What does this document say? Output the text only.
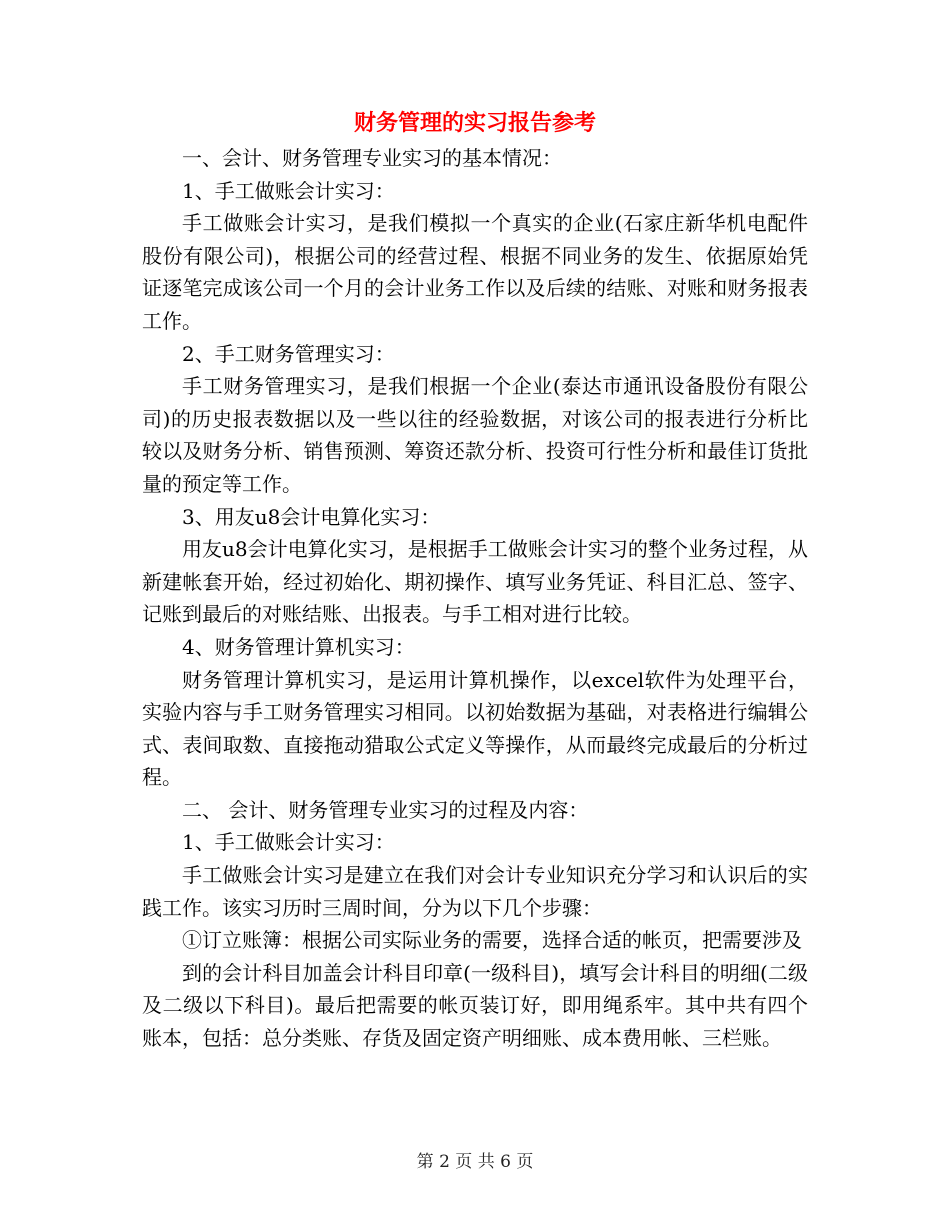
财务管理的实习报告参考

一、会计、财务管理专业实习的基本情况：

1、手工做账会计实习：

手工做账会计实习，是我们模拟一个真实的企业(石家庄新华机电配件股份有限公司)，根据公司的经营过程、根据不同业务的发生、依据原始凭证逐笔完成该公司一个月的会计业务工作以及后续的结账、对账和财务报表工作。

2、手工财务管理实习：

手工财务管理实习，是我们根据一个企业(泰达市通讯设备股份有限公司)的历史报表数据以及一些以往的经验数据，对该公司的报表进行分析比较以及财务分析、销售预测、筹资还款分析、投资可行性分析和最佳订货批量的预定等工作。

3、用友u8会计电算化实习：

用友u8会计电算化实习，是根据手工做账会计实习的整个业务过程，从新建帐套开始，经过初始化、期初操作、填写业务凭证、科目汇总、签字、记账到最后的对账结账、出报表。与手工相对进行比较。

4、财务管理计算机实习：

财务管理计算机实习，是运用计算机操作，以excel软件为处理平台，实验内容与手工财务管理实习相同。以初始数据为基础，对表格进行编辑公式、表间取数、直接拖动猎取公式定义等操作，从而最终完成最后的分析过程。

二、 会计、财务管理专业实习的过程及内容：

1、手工做账会计实习：

手工做账会计实习是建立在我们对会计专业知识充分学习和认识后的实践工作。该实习历时三周时间，分为以下几个步骤：

①订立账簿：根据公司实际业务的需要，选择合适的帐页，把需要涉及

到的会计科目加盖会计科目印章(一级科目)，填写会计科目的明细(二级及二级以下科目)。最后把需要的帐页装订好，即用绳系牢。其中共有四个账本，包括：总分类账、存货及固定资产明细账、成本费用帐、三栏账。

第 2 页 共 6 页
